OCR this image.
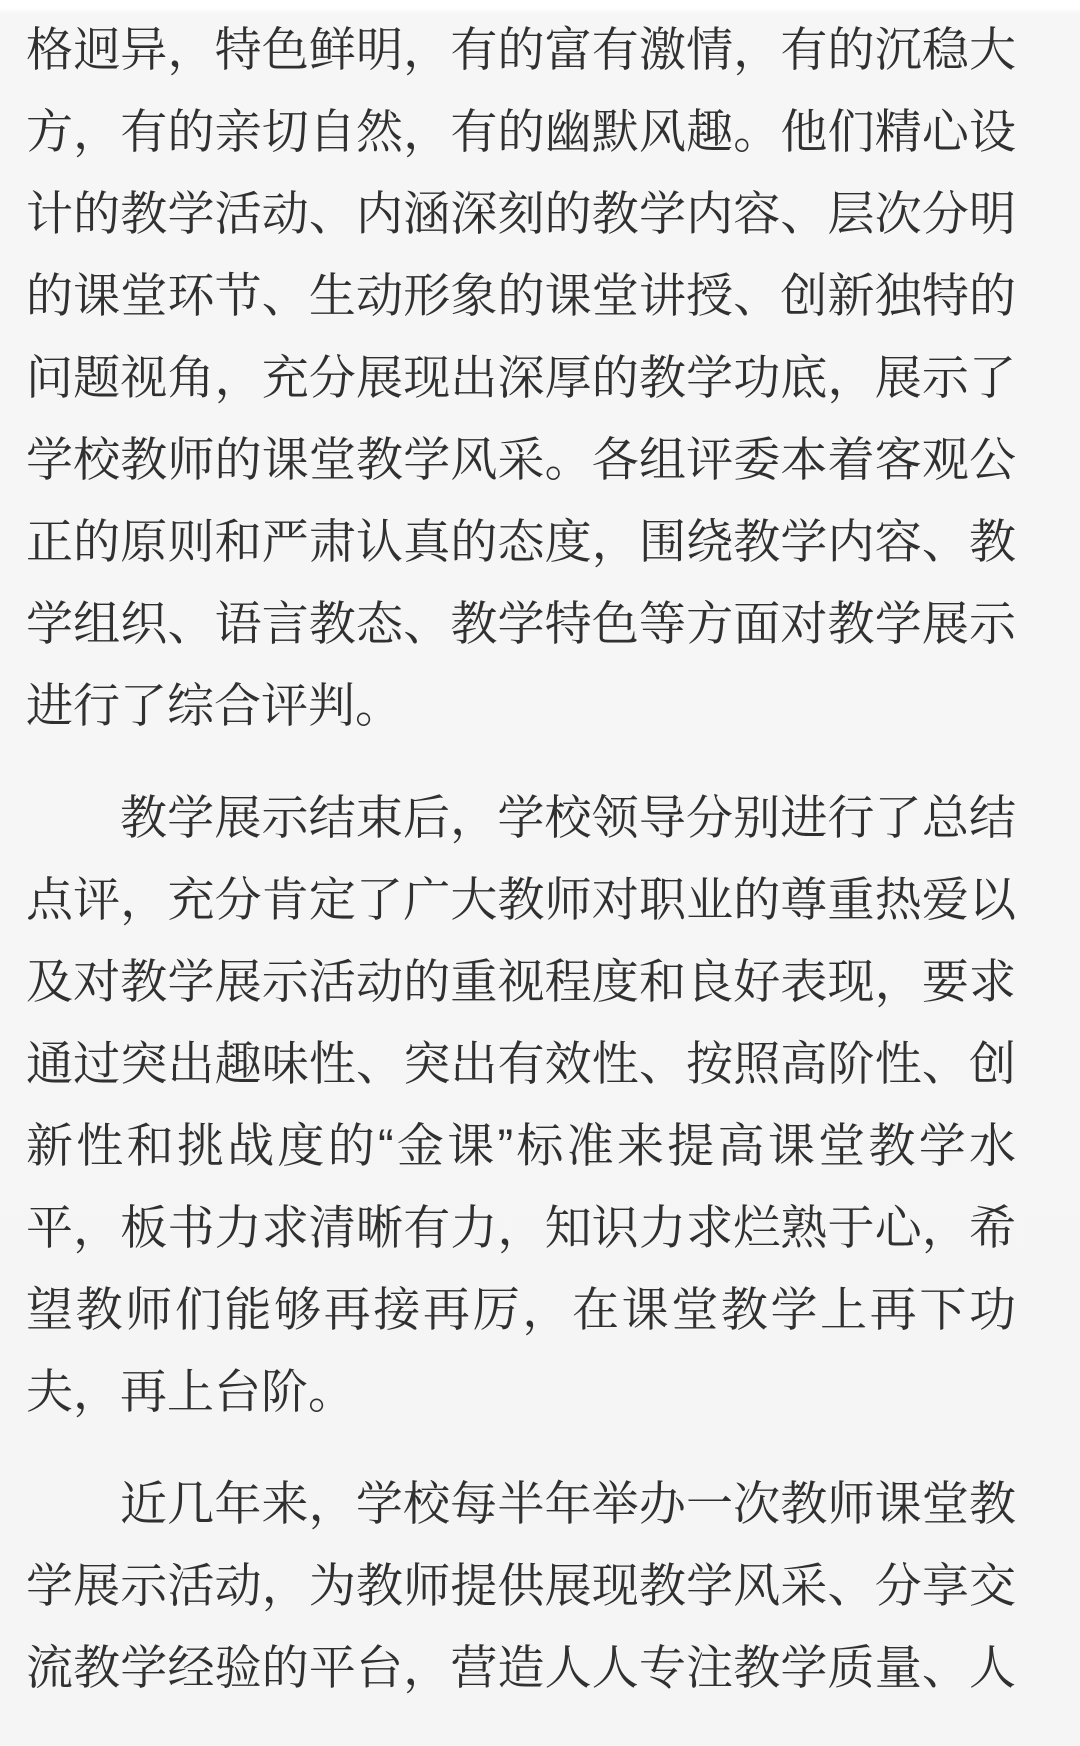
格迥异，特色鲜明，有的富有激情，有的沉稳大
方，有的亲切自然，有的幽默风趣。他们精心设
计的教学活动、内涵深刻的教学内容、层次分明
的课堂环节、生动形象的课堂讲授、创新独特的
问题视角，充分展现出深厚的教学功底，展示了
学校教师的课堂教学风采。各组评委本着客观公
正的原则和严肃认真的态度，围绕教学内容、教
学组织、语言教态、教学特色等方面对教学展示
进行了综合评判。
教学展示结束后，学校领导分别进行了总结
点评，充分肯定了广大教师对职业的尊重热爱以
及对教学展示活动的重视程度和良好表现，要求
通过突出趣味性、突出有效性、按照高阶性、创
新性和挑战度的“金课”标准来提高课堂教学水
平，板书力求清晰有力，知识力求烂熟于心，希
望教师们能够再接再厉，在课堂教学上再下功
夫，再上台阶。
近几年来，学校每半年举办一次教师课堂教
学展示活动，为教师提供展现教学风采、分享交
流教学经验的平台，营造人人专注教学质量、人
